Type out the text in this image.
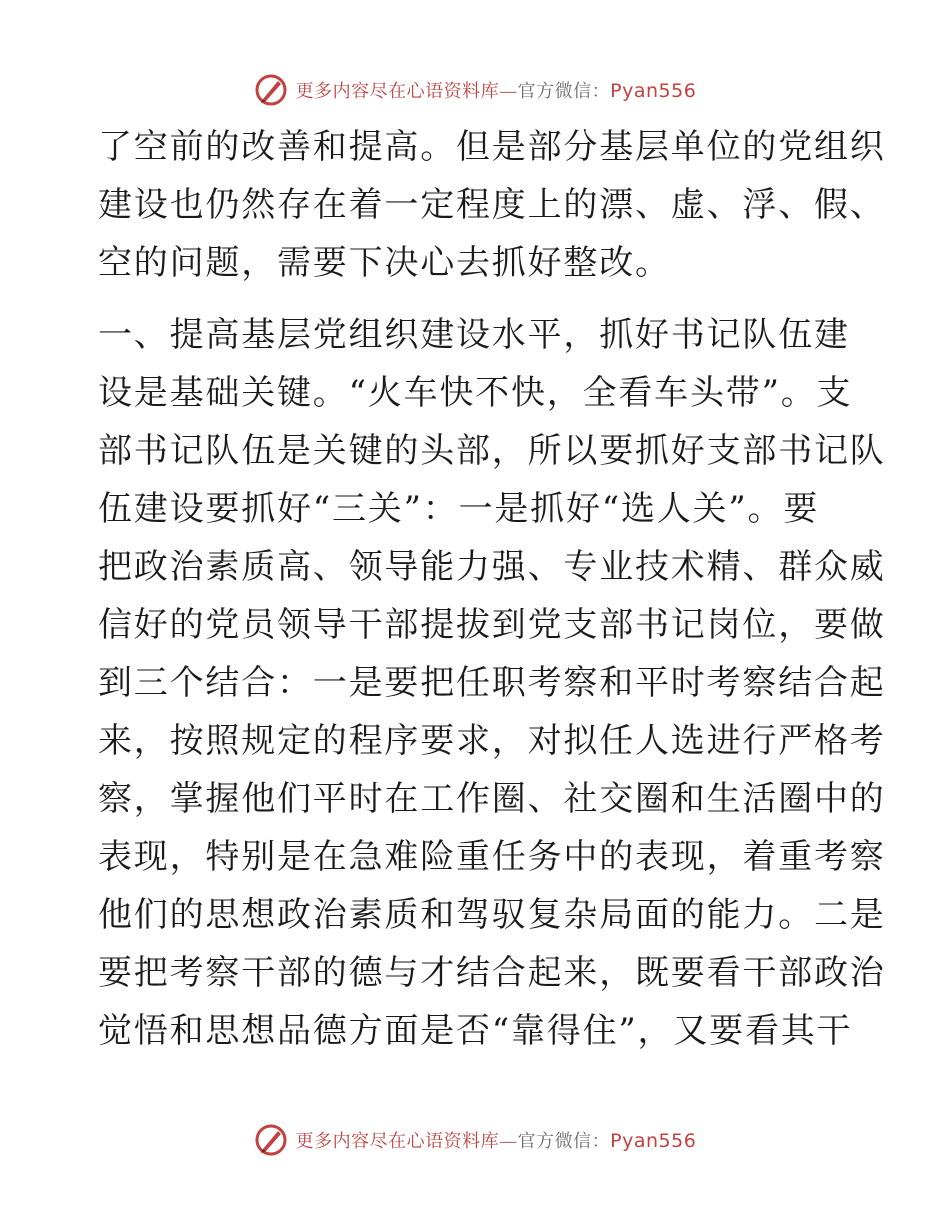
更多内容尽在心语资料库—官方微信：Pyan556
了空前的改善和提高。但是部分基层单位的党组织
建设也仍然存在着一定程度上的漂、虚、浮、假、
空的问题，需要下决心去抓好整改。
一、提高基层党组织建设水平，抓好书记队伍建
设是基础关键。“火车快不快，全看车头带”。支
部书记队伍是关键的头部，所以要抓好支部书记队
伍建设要抓好“三关”：一是抓好“选人关”。要
把政治素质高、领导能力强、专业技术精、群众威
信好的党员领导干部提拔到党支部书记岗位，要做
到三个结合：一是要把任职考察和平时考察结合起
来，按照规定的程序要求，对拟任人选进行严格考
察，掌握他们平时在工作圈、社交圈和生活圈中的
表现，特别是在急难险重任务中的表现，着重考察
他们的思想政治素质和驾驭复杂局面的能力。二是
要把考察干部的德与才结合起来，既要看干部政治
觉悟和思想品德方面是否“靠得住”，又要看其干
更多内容尽在心语资料库—官方微信：Pyan556
